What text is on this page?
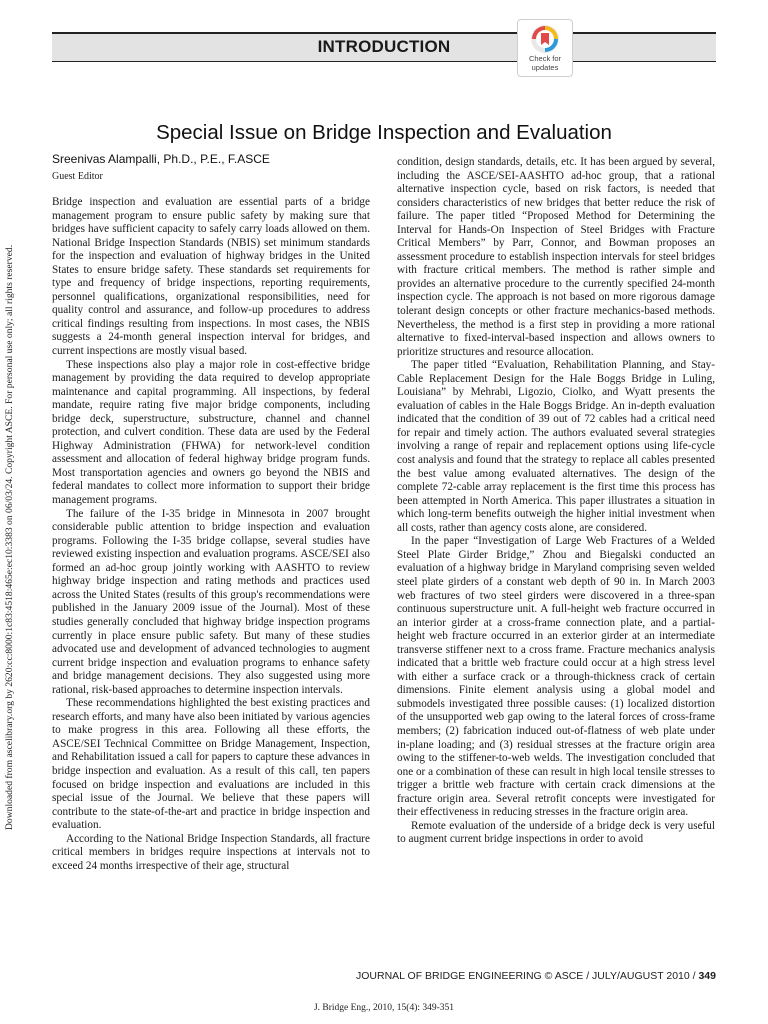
INTRODUCTION
Check for
updates
Downloaded from ascelibrary.org by 2620:cc:8000:1c83:4518:465e:ec10:3383 on 06/03/24. Copyright ASCE. For personal use only; all rights reserved.
Special Issue on Bridge Inspection and Evaluation
Sreenivas Alampalli, Ph.D., P.E., F.ASCE
Guest Editor

Bridge inspection and evaluation are essential parts of a bridge management program to ensure public safety by making sure that bridges have sufficient capacity to safely carry loads allowed on them. National Bridge Inspection Standards (NBIS) set minimum standards for the inspection and evaluation of highway bridges in the United States to ensure bridge safety. These standards set requirements for type and frequency of bridge inspections, reporting requirements, personnel qualifications, organizational responsibilities, need for quality control and assurance, and follow-up procedures to address critical findings resulting from inspections. In most cases, the NBIS suggests a 24-month general inspection interval for bridges, and current inspections are mostly visual based.

These inspections also play a major role in cost-effective bridge management by providing the data required to develop appropriate maintenance and capital programming. All inspections, by federal mandate, require rating five major bridge components, including bridge deck, superstructure, substructure, channel and channel protection, and culvert condition. These data are used by the Federal Highway Administration (FHWA) for network-level condition assessment and allocation of federal highway bridge program funds. Most transportation agencies and owners go beyond the NBIS and federal mandates to collect more information to support their bridge management programs.

The failure of the I-35 bridge in Minnesota in 2007 brought considerable public attention to bridge inspection and evaluation programs. Following the I-35 bridge collapse, several studies have reviewed existing inspection and evaluation programs. ASCE/SEI also formed an ad-hoc group jointly working with AASHTO to review highway bridge inspection and rating methods and practices used across the United States (results of this group's recommendations were published in the January 2009 issue of the Journal). Most of these studies generally concluded that highway bridge inspection programs currently in place ensure public safety. But many of these studies advocated use and development of advanced technologies to augment current bridge inspection and evaluation programs to enhance safety and bridge management decisions. They also suggested using more rational, risk-based approaches to determine inspection intervals.

These recommendations highlighted the best existing practices and research efforts, and many have also been initiated by various agencies to make progress in this area. Following all these efforts, the ASCE/SEI Technical Committee on Bridge Management, Inspection, and Rehabilitation issued a call for papers to capture these advances in bridge inspection and evaluation. As a result of this call, ten papers focused on bridge inspection and evaluations are included in this special issue of the Journal. We believe that these papers will contribute to the state-of-the-art and practice in bridge inspection and evaluation.

According to the National Bridge Inspection Standards, all fracture critical members in bridges require inspections at intervals not to exceed 24 months irrespective of their age, structural

condition, design standards, details, etc. It has been argued by several, including the ASCE/SEI-AASHTO ad-hoc group, that a rational alternative inspection cycle, based on risk factors, is needed that considers characteristics of new bridges that better reduce the risk of failure. The paper titled “Proposed Method for Determining the Interval for Hands-On Inspection of Steel Bridges with Fracture Critical Members” by Parr, Connor, and Bowman proposes an assessment procedure to establish inspection intervals for steel bridges with fracture critical members. The method is rather simple and provides an alternative procedure to the currently specified 24-month inspection cycle. The approach is not based on more rigorous damage tolerant design concepts or other fracture mechanics-based methods. Nevertheless, the method is a first step in providing a more rational alternative to fixed-interval-based inspection and allows owners to prioritize structures and resource allocation.

The paper titled “Evaluation, Rehabilitation Planning, and Stay-Cable Replacement Design for the Hale Boggs Bridge in Luling, Louisiana” by Mehrabi, Ligozio, Ciolko, and Wyatt presents the evaluation of cables in the Hale Boggs Bridge. An in-depth evaluation indicated that the condition of 39 out of 72 cables had a critical need for repair and timely action. The authors evaluated several strategies involving a range of repair and replacement options using life-cycle cost analysis and found that the strategy to replace all cables presented the best value among evaluated alternatives. The design of the complete 72-cable array replacement is the first time this process has been attempted in North America. This paper illustrates a situation in which long-term benefits outweigh the higher initial investment when all costs, rather than agency costs alone, are considered.

In the paper “Investigation of Large Web Fractures of a Welded Steel Plate Girder Bridge,” Zhou and Biegalski conducted an evaluation of a highway bridge in Maryland comprising seven welded steel plate girders of a constant web depth of 90 in. In March 2003 web fractures of two steel girders were discovered in a three-span continuous superstructure unit. A full-height web fracture occurred in an interior girder at a cross-frame connection plate, and a partial-height web fracture occurred in an exterior girder at an intermediate transverse stiffener next to a cross frame. Fracture mechanics analysis indicated that a brittle web fracture could occur at a high stress level with either a surface crack or a through-thickness crack of certain dimensions. Finite element analysis using a global model and submodels investigated three possible causes: (1) localized distortion of the unsupported web gap owing to the lateral forces of cross-frame members; (2) fabrication induced out-of-flatness of web plate under in-plane loading; and (3) residual stresses at the fracture origin area owing to the stiffener-to-web welds. The investigation concluded that one or a combination of these can result in high local tensile stresses to trigger a brittle web fracture with certain crack dimensions at the fracture origin area. Several retrofit concepts were investigated for their effectiveness in reducing stresses in the fracture origin area.

Remote evaluation of the underside of a bridge deck is very useful to augment current bridge inspections in order to avoid

JOURNAL OF BRIDGE ENGINEERING © ASCE / JULY/AUGUST 2010 / 349
J. Bridge Eng., 2010, 15(4): 349-351
